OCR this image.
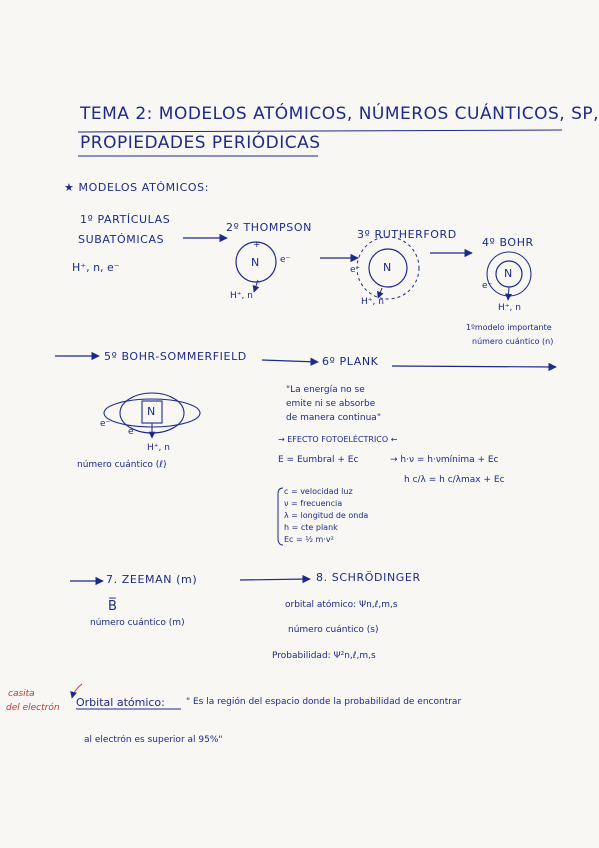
TEMA 2: MODELOS ATÓMICOS, NÚMEROS CUÁNTICOS, SP,
PROPIEDADES PERIÓDICAS
★ MODELOS ATÓMICOS:
1º PARTÍCULAS
SUBATÓMICAS
H⁺, n, e⁻
2º THOMPSON
+
N e⁻
H⁺, n
3º RUTHERFORD
N
e⁻
H⁺, n
4º BOHR
N
e⁻
H⁺, n
1ºmodelo importante
número cuántico (n)
5º BOHR-SOMMERFIELD
N
e⁻
e
H⁺, n
número cuántico (ℓ)
6º PLANK
"La energía no se
emite ni se absorbe
de manera continua"
→ EFECTO FOTOELÉCTRICO ←
E = Eumbral + Ec	→ h·ν = h·νmínima + Ec
h c/λ = h c/λmax + Ec
c = velocidad luz
ν = frecuencia
λ = longitud de onda
h = cte plank
Ec = ½ m·v²
7. ZEEMAN (m)
B̅
número cuántico (m)
8. SCHRÖDINGER
orbital atómico: Ψn,ℓ,m,s
número cuántico (s)
Probabilidad: Ψ²n,ℓ,m,s
casita
del electrón Orbital atómico: " Es la región del espacio donde la probabilidad de encontrar
al electrón es superior al 95%"
